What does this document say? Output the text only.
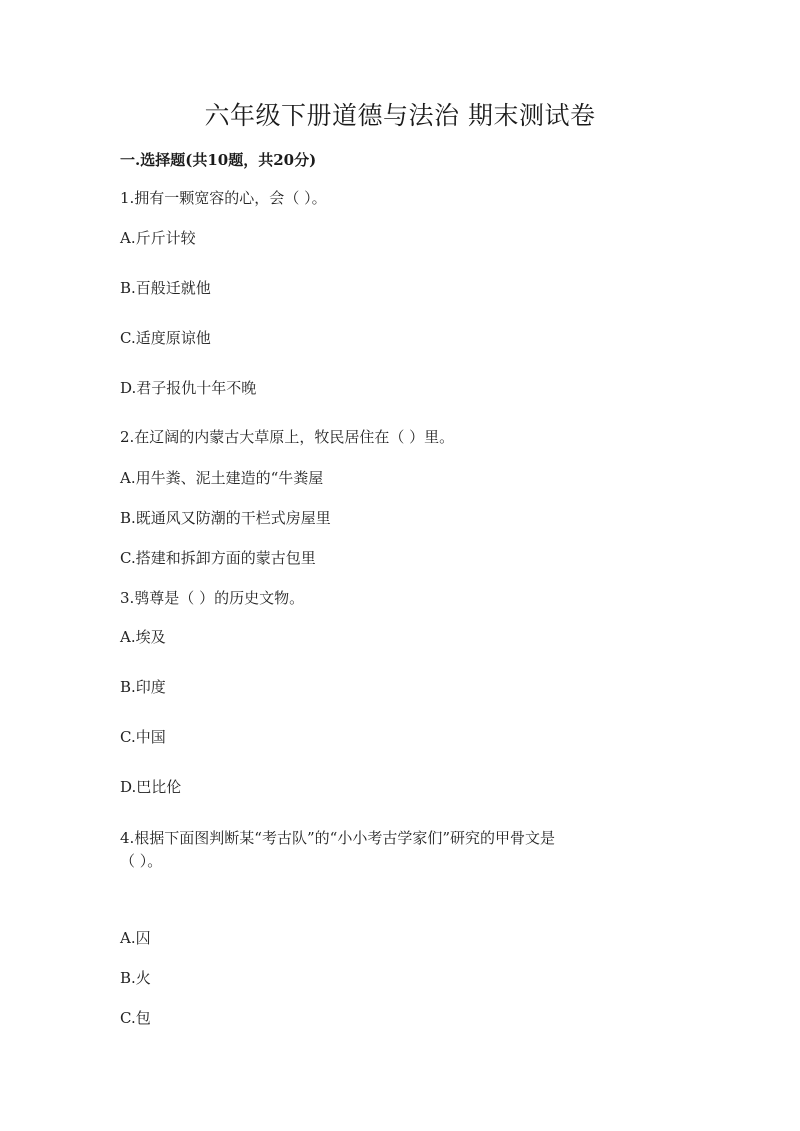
六年级下册道德与法治 期末测试卷
一.选择题(共10题，共20分)
1.拥有一颗宽容的心，会（ ）。
A.斤斤计较
B.百般迁就他
C.适度原谅他
D.君子报仇十年不晚
2.在辽阔的内蒙古大草原上，牧民居住在（ ）里。
A.用牛粪、泥土建造的“牛粪屋
B.既通风又防潮的干栏式房屋里
C.搭建和拆卸方面的蒙古包里
3.鸮尊是（ ）的历史文物。
A.埃及
B.印度
C.中国
D.巴比伦
4.根据下面图判断某“考古队”的“小小考古学家们”研究的甲骨文是
（ ）。
A.囚
B.火
C.包
